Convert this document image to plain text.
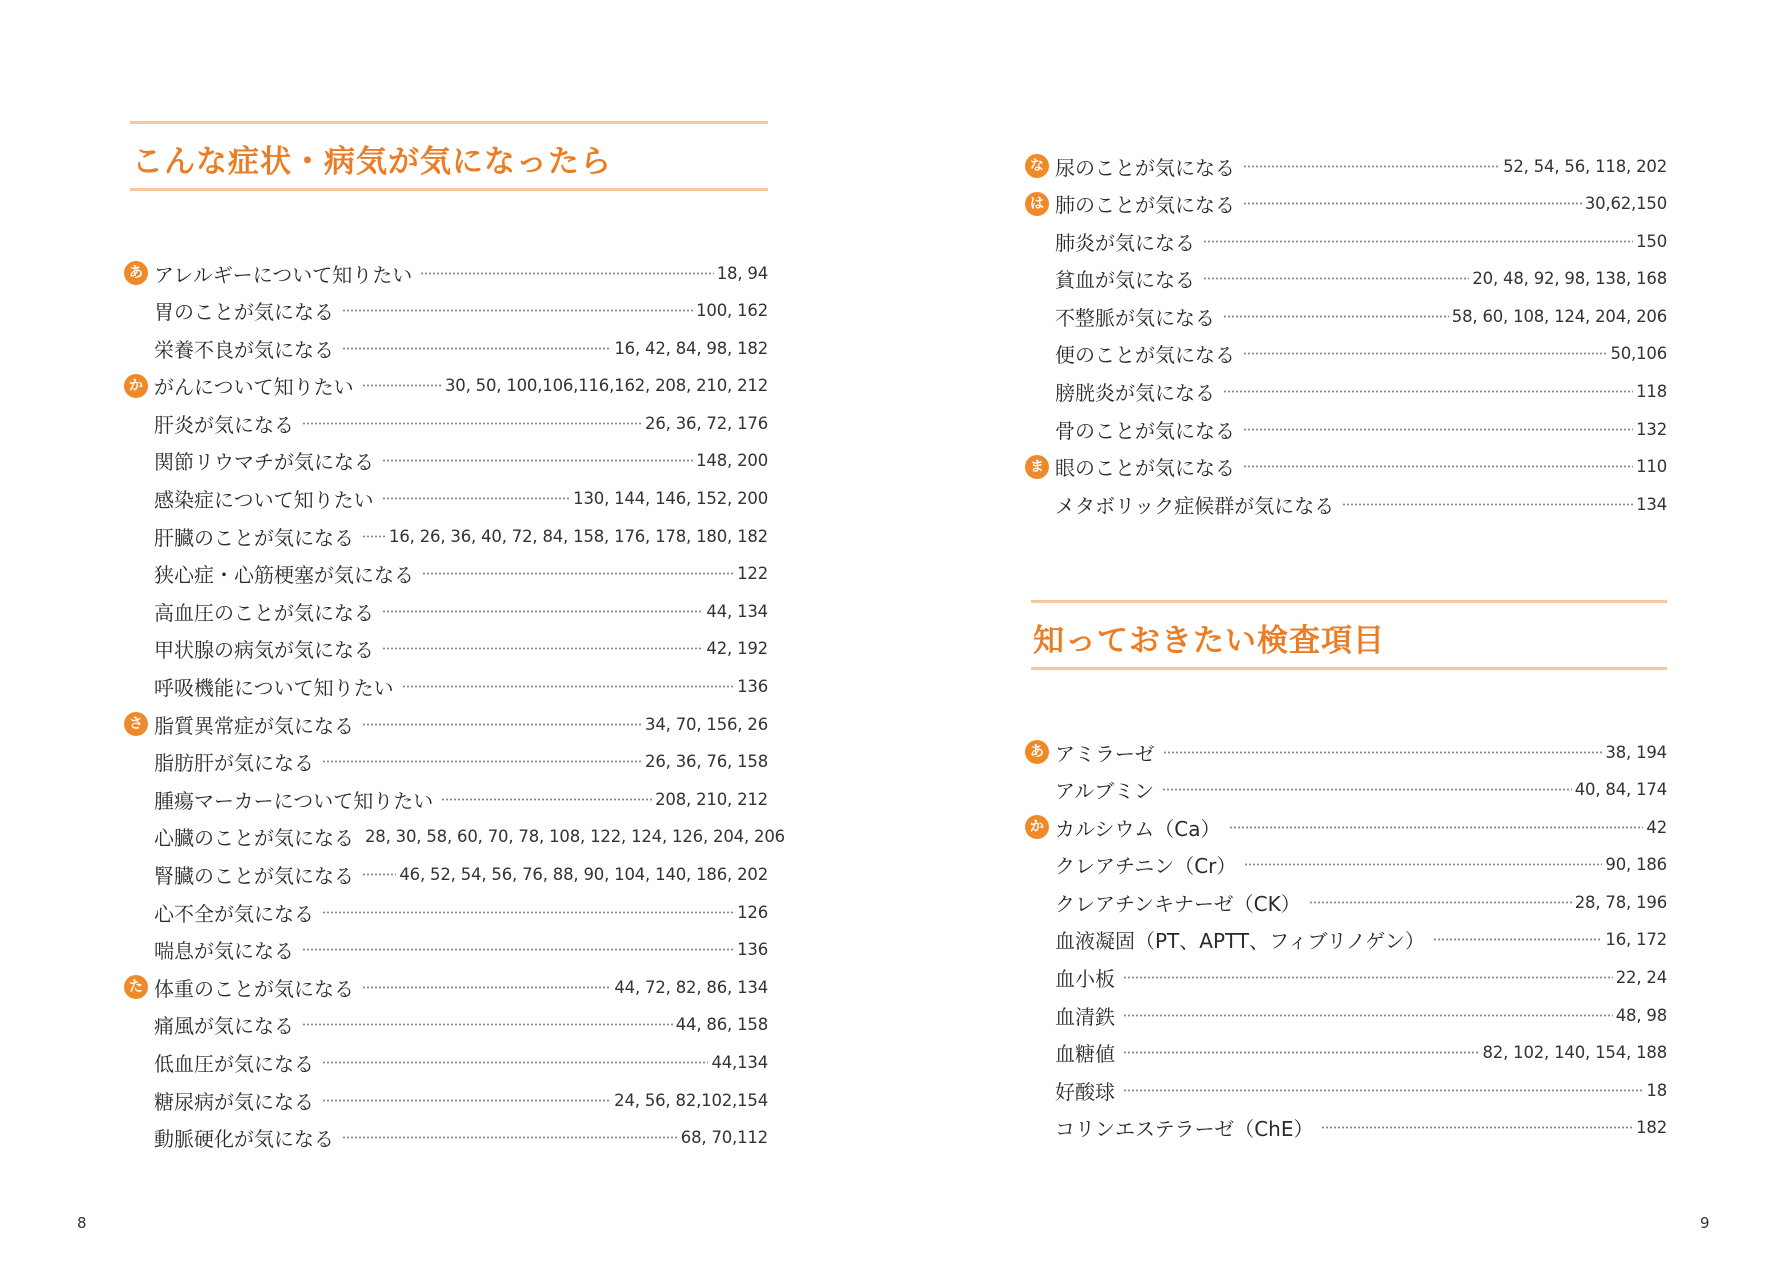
こんな症状・病気が気になったら
あ アレルギーについて知りたい	18, 94
胃のことが気になる	100, 162
栄養不良が気になる	16, 42, 84, 98, 182
か がんについて知りたい	30, 50, 100,106,116,162, 208, 210, 212
肝炎が気になる	26, 36, 72, 176
関節リウマチが気になる	148, 200
感染症について知りたい	130, 144, 146, 152, 200
肝臓のことが気になる 16, 26, 36, 40, 72, 84, 158, 176, 178, 180, 182
狭心症・心筋梗塞が気になる	122
高血圧のことが気になる	44, 134
甲状腺の病気が気になる	42, 192
呼吸機能について知りたい	136
さ 脂質異常症が気になる	34, 70, 156, 26
脂肪肝が気になる	26, 36, 76, 158
腫瘍マーカーについて知りたい	208, 210, 212
心臓のことが気になる 28, 30, 58, 60, 70, 78, 108, 122, 124, 126, 204, 206
腎臓のことが気になる	46, 52, 54, 56, 76, 88, 90, 104, 140, 186, 202
心不全が気になる	126
喘息が気になる	136
た 体重のことが気になる	44, 72, 82, 86, 134
痛風が気になる	44, 86, 158
低血圧が気になる	44,134
糖尿病が気になる	24, 56, 82,102,154
動脈硬化が気になる	68, 70,112
な 尿のことが気になる	52, 54, 56, 118, 202
は 肺のことが気になる	30,62,150
肺炎が気になる	150
貧血が気になる	20, 48, 92, 98, 138, 168
不整脈が気になる	58, 60, 108, 124, 204, 206
便のことが気になる	50,106
膀胱炎が気になる	118
骨のことが気になる	132
ま 眼のことが気になる	110
メタボリック症候群が気になる	134
知っておきたい検査項目
あ アミラーゼ	38, 194
アルブミン	40, 84, 174
か カルシウム（Ca）	42
クレアチニン（Cr）	90, 186
クレアチンキナーゼ（CK）	28, 78, 196
血液凝固（PT、APTT、フィブリノゲン）	16, 172
血小板	22, 24
血清鉄	48, 98
血糖値	82, 102, 140, 154, 188
好酸球	18
コリンエステラーゼ（ChE）	182
8	9
